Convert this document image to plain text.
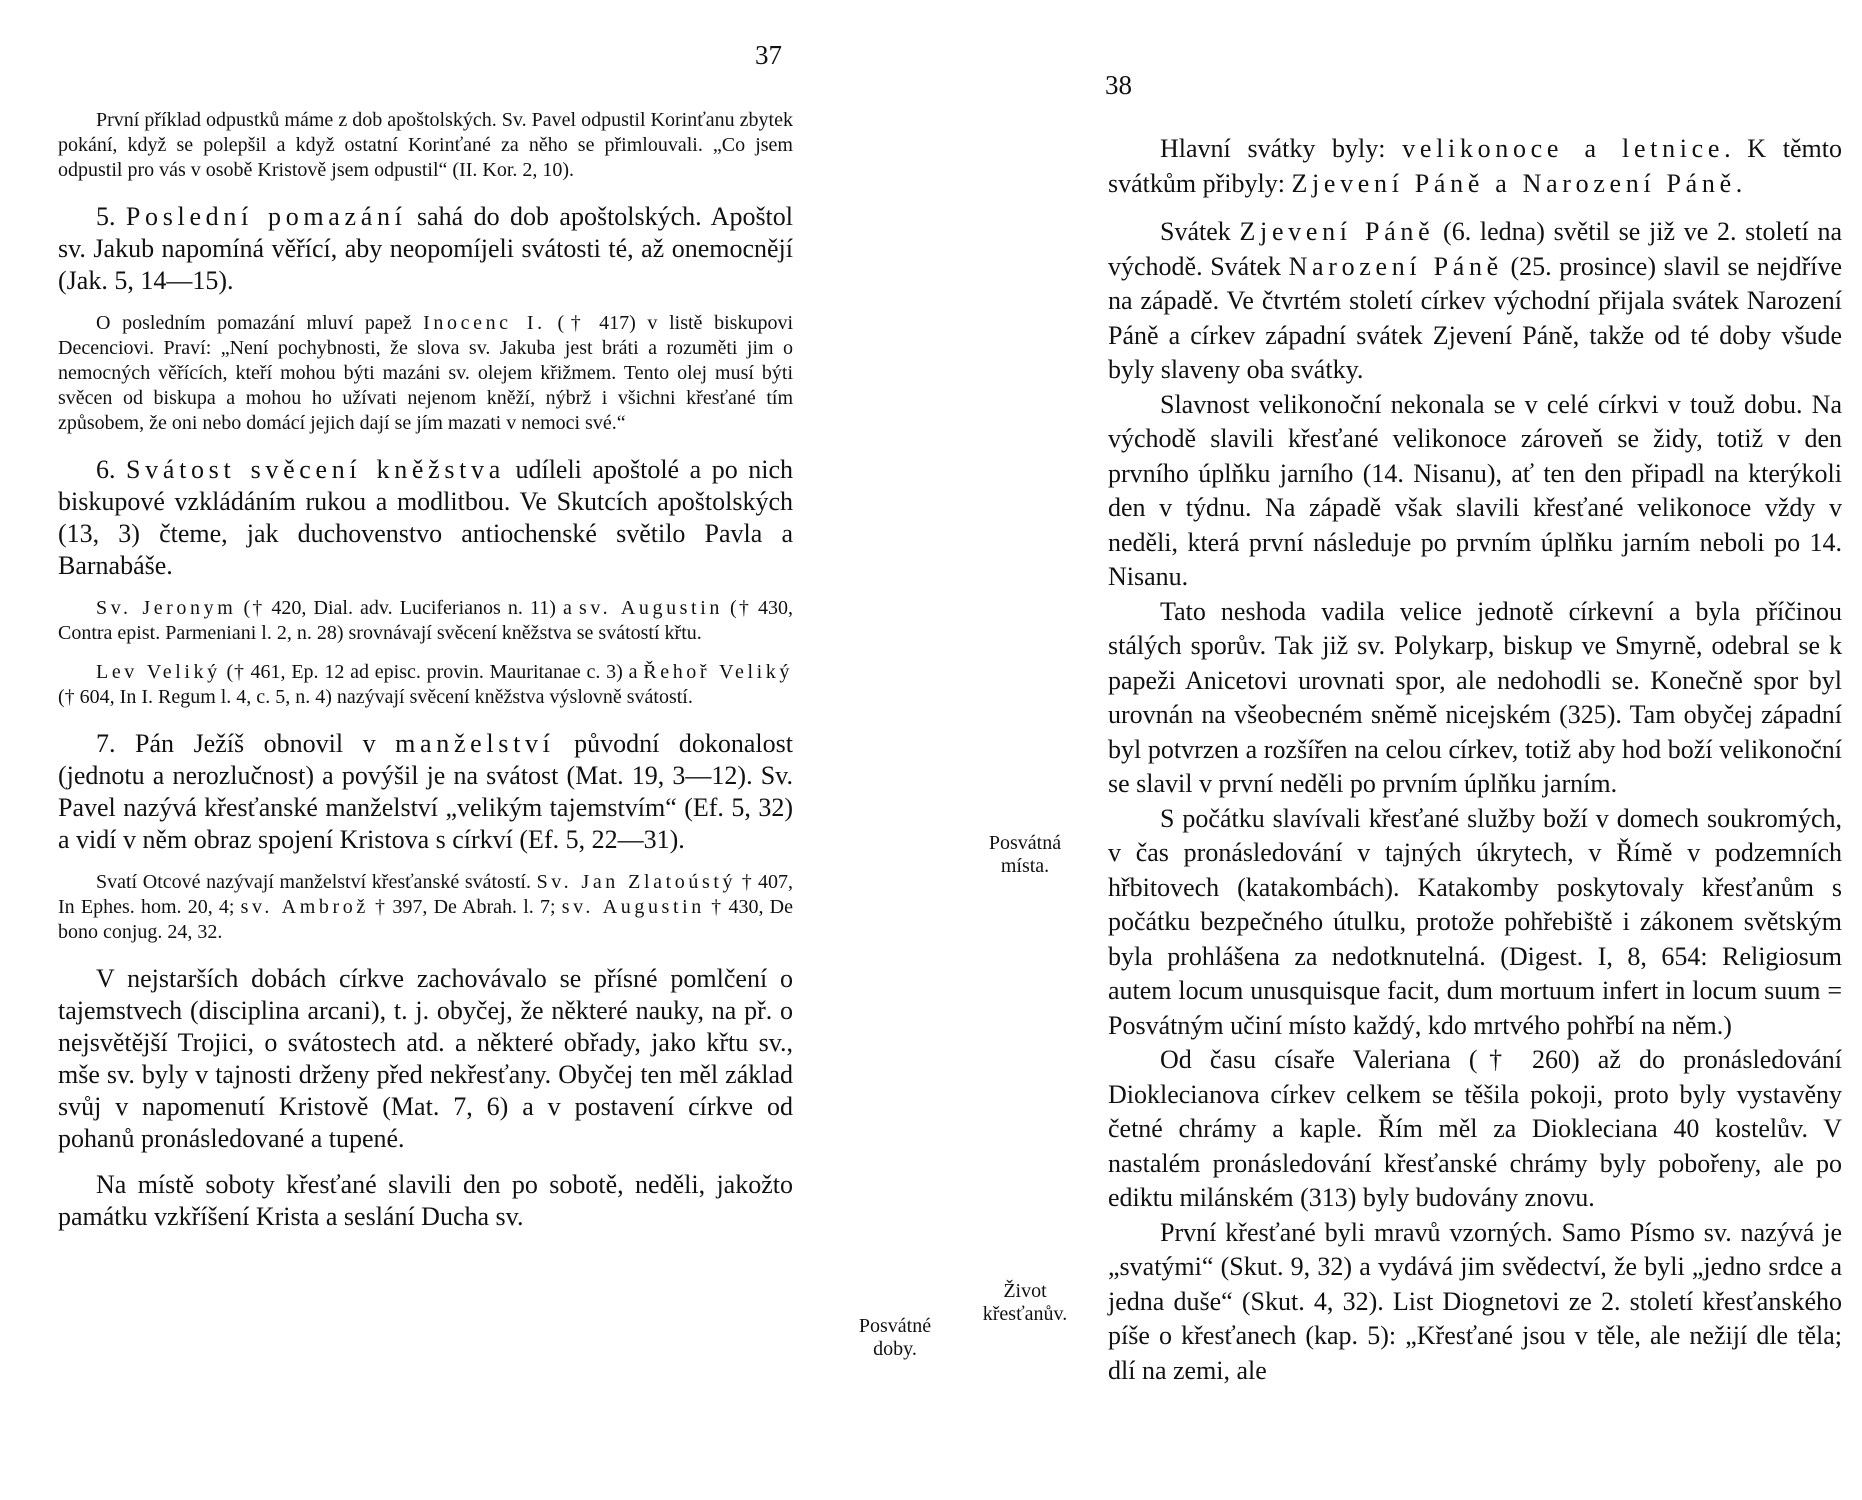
37

První příklad odpustků máme z dob apoštolských. Sv. Pavel odpustil Korinťanu zbytek pokání, když se polepšil a když ostatní Korinťané za něho se přimlouvali. „Co jsem odpustil pro vás v osobě Kristově jsem odpustil“ (II. Kor. 2, 10).

5. Poslední pomazání sahá do dob apoštolských. Apoštol sv. Jakub napomíná věřící, aby neopomíjeli svátosti té, až onemocnějí (Jak. 5, 14—15).

O posledním pomazání mluví papež Inocenc I. († 417) v listě biskupovi Decenciovi. Praví: „Není pochybnosti, že slova sv. Jakuba jest bráti a rozuměti jim o nemocných věřících, kteří mohou býti mazáni sv. olejem křižmem. Tento olej musí býti svěcen od biskupa a mohou ho užívati nejenom kněží, nýbrž i všichni křesťané tím způsobem, že oni nebo domácí jejich dají se jím mazati v nemoci své.“

6. Svátost svěcení kněžstva udíleli apoštolé a po nich biskupové vzkládáním rukou a modlitbou. Ve Skutcích apoštolských (13, 3) čteme, jak duchovenstvo antiochenské světilo Pavla a Barnabáše.

Sv. Jeronym († 420, Dial. adv. Luciferianos n. 11) a sv. Augustin († 430, Contra epist. Parmeniani l. 2, n. 28) srovnávají svěcení kněžstva se svátostí křtu.

Lev Veliký († 461, Ep. 12 ad episc. provin. Mauritanae c. 3) a Řehoř Veliký († 604, In I. Regum l. 4, c. 5, n. 4) nazývají svěcení kněžstva výslovně svátostí.

7. Pán Ježíš obnovil v manželství původní dokonalost (jednotu a nerozlučnost) a povýšil je na svátost (Mat. 19, 3—12). Sv. Pavel nazývá křesťanské manželství „velikým tajemstvím“ (Ef. 5, 32) a vidí v něm obraz spojení Kristova s církví (Ef. 5, 22—31).

Svatí Otcové nazývají manželství křesťanské svátostí. Sv. Jan Zlatoústý † 407, In Ephes. hom. 20, 4; sv. Ambrož † 397, De Abrah. l. 7; sv. Augustin † 430, De bono conjug. 24, 32.

V nejstarších dobách církve zachovávalo se přísné pomlčení o tajemstvech (disciplina arcani), t. j. obyčej, že některé nauky, na př. o nejsvětější Trojici, o svátostech atd. a některé obřady, jako křtu sv., mše sv. byly v tajnosti drženy před nekřesťany. Obyčej ten měl základ svůj v napomenutí Kristově (Mat. 7, 6) a v postavení církve od pohanů pronásledované a tupené.

Na místě soboty křesťané slavili den po sobotě, neděli, jakožto památku vzkříšení Krista a seslání Ducha sv.

Posvátné doby.
38

Hlavní svátky byly: velikonoce a letnice. K těmto svátkům přibyly: Zjevení Páně a Narození Páně.

Svátek Zjevení Páně (6. ledna) světil se již ve 2. století na východě. Svátek Narození Páně (25. prosince) slavil se nejdříve na západě. Ve čtvrtém století církev východní přijala svátek Narození Páně a církev západní svátek Zjevení Páně, takže od té doby všude byly slaveny oba svátky.

Slavnost velikonoční nekonala se v celé církvi v touž dobu. Na východě slavili křesťané velikonoce zároveň se židy, totiž v den prvního úplňku jarního (14. Nisanu), ať ten den připadl na kterýkoli den v týdnu. Na západě však slavili křesťané velikonoce vždy v neděli, která první následuje po prvním úplňku jarním neboli po 14. Nisanu.

Tato neshoda vadila velice jednotě církevní a byla příčinou stálých sporův. Tak již sv. Polykarp, biskup ve Smyrně, odebral se k papeži Anicetovi urovnati spor, ale nedohodli se. Konečně spor byl urovnán na všeobecném sněmě nicejském (325). Tam obyčej západní byl potvrzen a rozšířen na celou církev, totiž aby hod boží velikonoční se slavil v první neděli po prvním úplňku jarním.

S počátku slavívali křesťané služby boží v domech soukromých, v čas pronásledování v tajných úkrytech, v Římě v podzemních hřbitovech (katakombách). Katakomby poskytovaly křesťanům s počátku bezpečného útulku, protože pohřebiště i zákonem světským byla prohlášena za nedotknutelná. (Digest. I, 8, 654: Religiosum autem locum unusquisque facit, dum mortuum infert in locum suum = Posvátným učiní místo každý, kdo mrtvého pohřbí na něm.)

Od času císaře Valeriana († 260) až do pronásledování Dioklecianova církev celkem se těšila pokoji, proto byly vystavěny četné chrámy a kaple. Řím měl za Diokleciana 40 kostelův. V nastalém pronásledování křesťanské chrámy byly pobořeny, ale po ediktu milánském (313) byly budovány znovu.

První křesťané byli mravů vzorných. Samo Písmo sv. nazývá je „svatými“ (Skut. 9, 32) a vydává jim svědectví, že byli „jedno srdce a jedna duše“ (Skut. 4, 32). List Diognetovi ze 2. století křesťanského píše o křesťanech (kap. 5): „Křesťané jsou v těle, ale nežijí dle těla; dlí na zemi, ale

Posvátná místa.
Život křesťanův.
